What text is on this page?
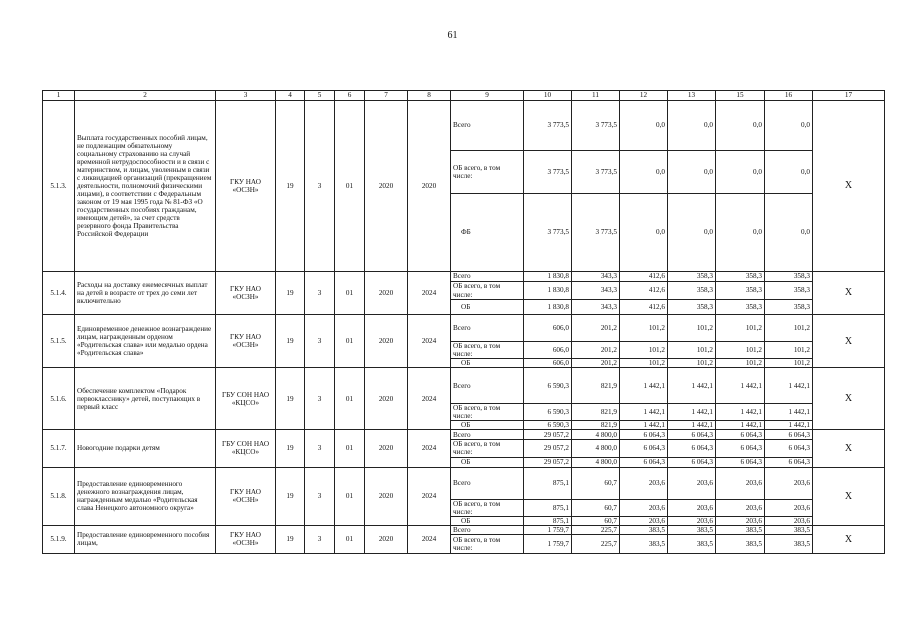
61
1	2	3	4	5	6	7	8	9	10	11	12	13	15	16	17
5.1.3.	Выплата государственных пособий лицам, не подлежащим обязательному социальному страхованию на случай временной нетрудоспособности и в связи с материнством, и лицам, уволенным в связи с ликвидацией организаций (прекращением деятельности, полномочий физическими лицами), в соответствии с Федеральным законом от 19 мая 1995 года № 81-ФЗ «О государственных пособиях гражданам, имеющим детей», за счет средств резервного фонда Правительства Российской Федерации	ГКУ НАО «ОСЗН»	19	3	01	2020	2020	Всего	3 773,5	3 773,5	0,0	0,0	0,0	0,0	X
								ОБ всего, в том числе:	3 773,5	3 773,5	0,0	0,0	0,0	0,0	
								ФБ	3 773,5	3 773,5	0,0	0,0	0,0	0,0	
5.1.4.	Расходы на доставку ежемесячных выплат на детей в возрасте от трех до семи лет включительно	ГКУ НАО «ОСЗН»	19	3	01	2020	2024	Всего	1 830,8	343,3	412,6	358,3	358,3	358,3	X
								ОБ всего, в том числе:	1 830,8	343,3	412,6	358,3	358,3	358,3	
								ОБ	1 830,8	343,3	412,6	358,3	358,3	358,3	
5.1.5.	Единовременное денежное вознаграждение лицам, награжденным орденом «Родительская слава» или медалью ордена «Родительская слава»	ГКУ НАО «ОСЗН»	19	3	01	2020	2024	Всего	606,0	201,2	101,2	101,2	101,2	101,2	X
								ОБ всего, в том числе:	606,0	201,2	101,2	101,2	101,2	101,2	
								ОБ	606,0	201,2	101,2	101,2	101,2	101,2	
5.1.6.	Обеспечение комплектом «Подарок первокласснику» детей, поступающих в первый класс	ГБУ СОН НАО «КЦСО»	19	3	01	2020	2024	Всего	6 590,3	821,9	1 442,1	1 442,1	1 442,1	1 442,1	X
								ОБ всего, в том числе:	6 590,3	821,9	1 442,1	1 442,1	1 442,1	1 442,1	
								ОБ	6 590,3	821,9	1 442,1	1 442,1	1 442,1	1 442,1	
5.1.7.	Новогодние подарки детям	ГБУ СОН НАО «КЦСО»	19	3	01	2020	2024	Всего	29 057,2	4 800,0	6 064,3	6 064,3	6 064,3	6 064,3	X
								ОБ всего, в том числе:	29 057,2	4 800,0	6 064,3	6 064,3	6 064,3	6 064,3	
								ОБ	29 057,2	4 800,0	6 064,3	6 064,3	6 064,3	6 064,3	
5.1.8.	Предоставление единовременного денежного вознаграждения лицам, награжденным медалью «Родительская слава Ненецкого автономного округа»	ГКУ НАО «ОСЗН»	19	3	01	2020	2024	Всего	875,1	60,7	203,6	203,6	203,6	203,6	X
								ОБ всего, в том числе:	875,1	60,7	203,6	203,6	203,6	203,6	
								ОБ	875,1	60,7	203,6	203,6	203,6	203,6	
5.1.9.	Предоставление единовременного пособия лицам,	ГКУ НАО «ОСЗН»	19	3	01	2020	2024	Всего	1 759,7	225,7	383,5	383,5	383,5	383,5	X
								ОБ всего, в том числе:	1 759,7	225,7	383,5	383,5	383,5	383,5	
